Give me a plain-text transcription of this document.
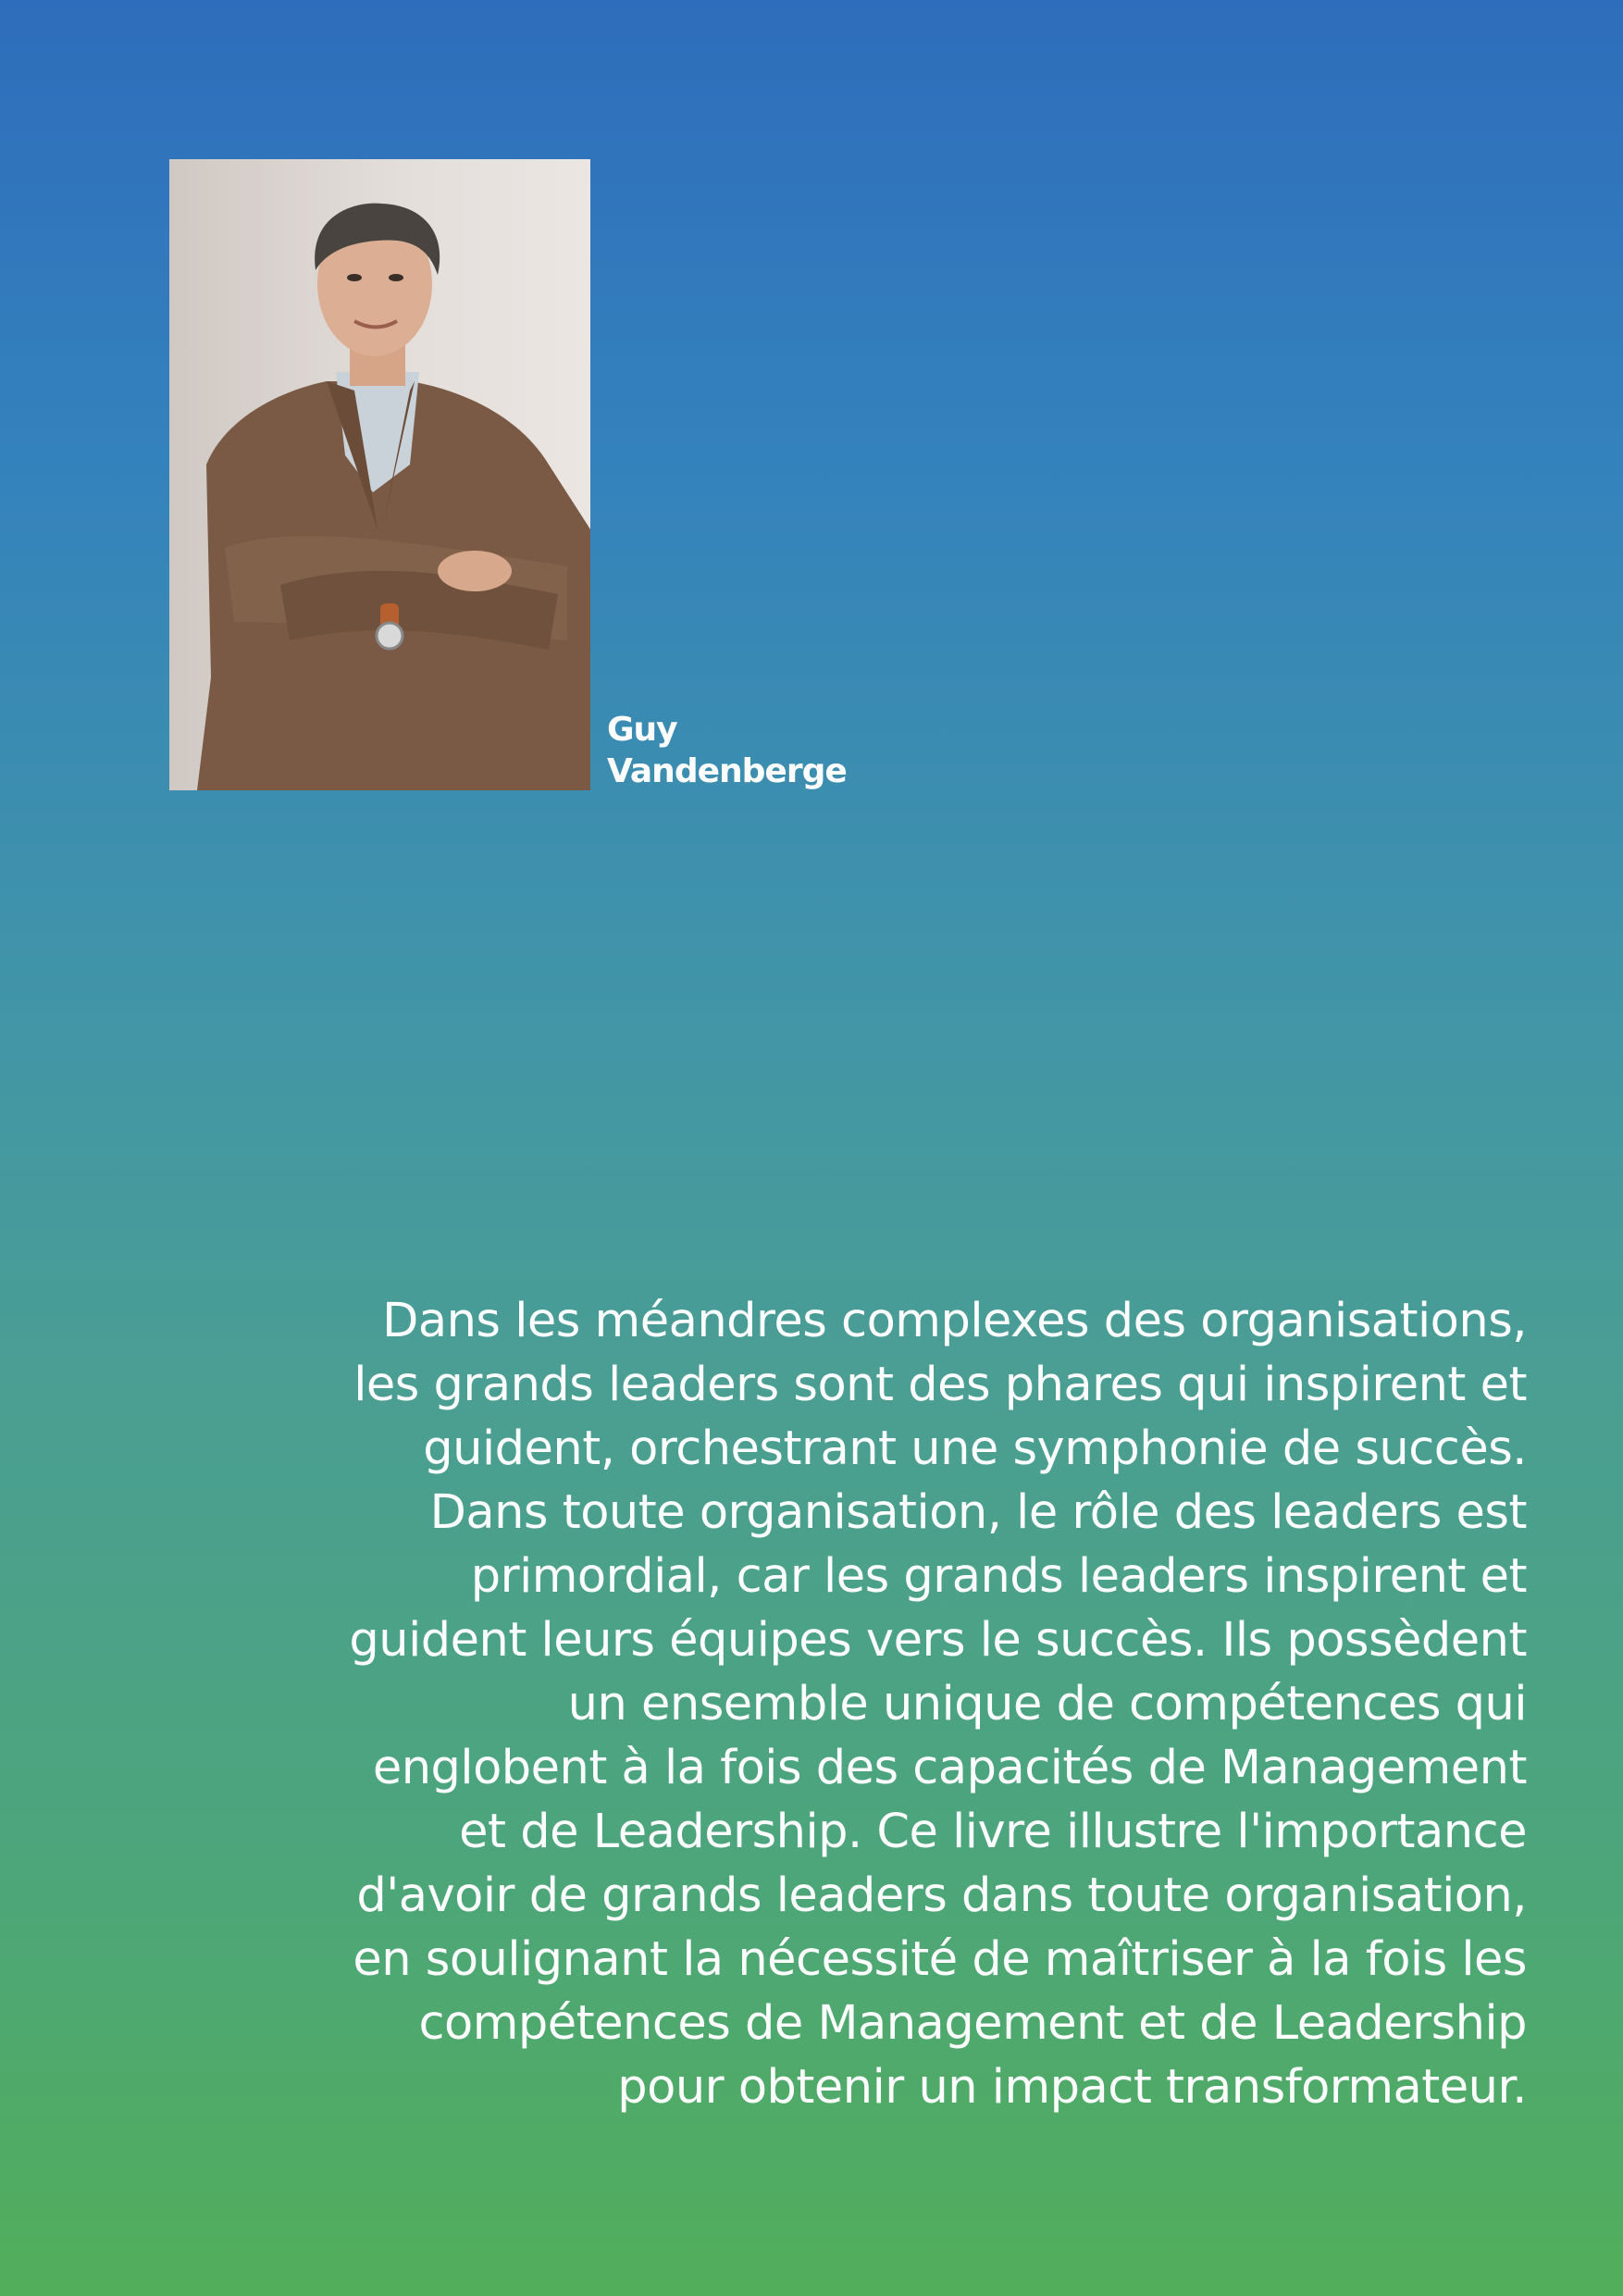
Guy
Vandenberge
Dans les méandres complexes des organisations,
les grands leaders sont des phares qui inspirent et
guident, orchestrant une symphonie de succès.
Dans toute organisation, le rôle des leaders est
primordial, car les grands leaders inspirent et
guident leurs équipes vers le succès. Ils possèdent
un ensemble unique de compétences qui
englobent à la fois des capacités de Management
et de Leadership. Ce livre illustre l'importance
d'avoir de grands leaders dans toute organisation,
en soulignant la nécessité de maîtriser à la fois les
compétences de Management et de Leadership
pour obtenir un impact transformateur.
